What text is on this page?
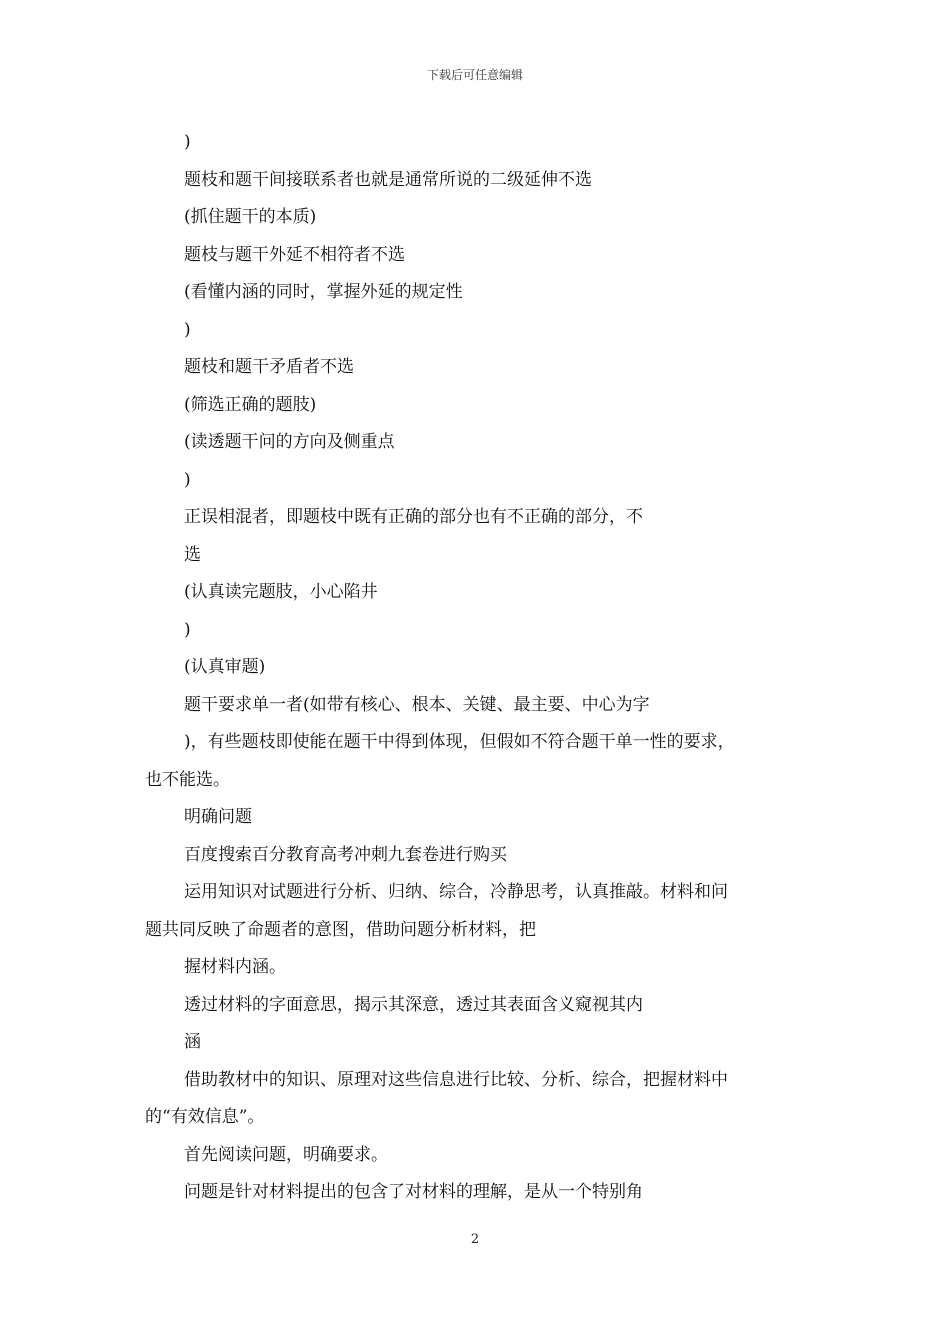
下载后可任意编辑
)
题枝和题干间接联系者也就是通常所说的二级延伸不选
(抓住题干的本质)
题枝与题干外延不相符者不选
(看懂内涵的同时，掌握外延的规定性
)
题枝和题干矛盾者不选
(筛选正确的题肢)
(读透题干问的方向及侧重点
)
正误相混者，即题枝中既有正确的部分也有不正确的部分，不
选
(认真读完题肢，小心陷井
)
(认真审题)
题干要求单一者(如带有核心、根本、关键、最主要、中心为字
)，有些题枝即使能在题干中得到体现，但假如不符合题干单一性的要求，
也不能选。
明确问题
百度搜索百分教育高考冲刺九套卷进行购买
运用知识对试题进行分析、归纳、综合，冷静思考，认真推敲。材料和问
题共同反映了命题者的意图，借助问题分析材料，把
握材料内涵。
透过材料的字面意思，揭示其深意，透过其表面含义窥视其内
涵
借助教材中的知识、原理对这些信息进行比较、分析、综合，把握材料中
的“有效信息”。
首先阅读问题，明确要求。
问题是针对材料提出的包含了对材料的理解，是从一个特别角
2
